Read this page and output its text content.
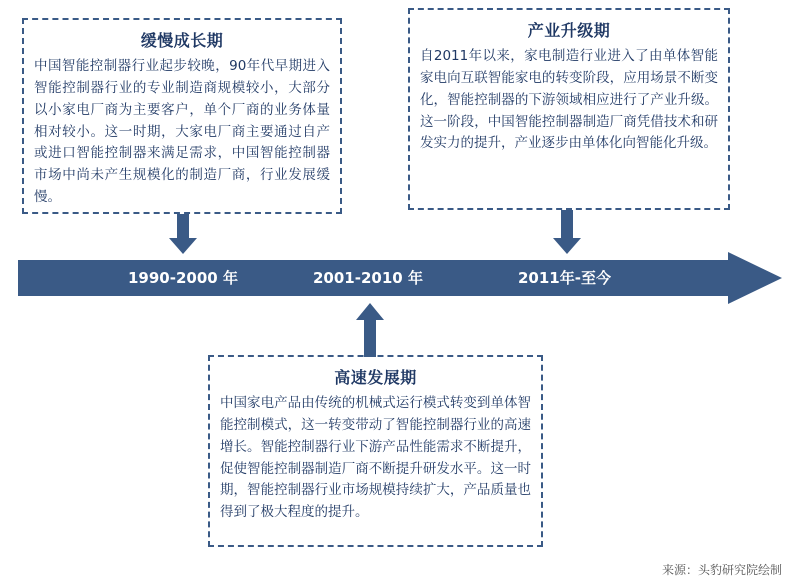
缓慢成长期
中国智能控制器行业起步较晚，90年代早期进入智能控制器行业的专业制造商规模较小，大部分以小家电厂商为主要客户，单个厂商的业务体量相对较小。这一时期，大家电厂商主要通过自产或进口智能控制器来满足需求，中国智能控制器市场中尚未产生规模化的制造厂商，行业发展缓慢。
产业升级期
自2011年以来，家电制造行业进入了由单体智能家电向互联智能家电的转变阶段，应用场景不断变化，智能控制器的下游领域相应进行了产业升级。这一阶段，中国智能控制器制造厂商凭借技术和研发实力的提升，产业逐步由单体化向智能化升级。
高速发展期
中国家电产品由传统的机械式运行模式转变到单体智能控制模式，这一转变带动了智能控制器行业的高速增长。智能控制器行业下游产品性能需求不断提升，促使智能控制器制造厂商不断提升研发水平。这一时期，智能控制器行业市场规模持续扩大，产品质量也得到了极大程度的提升。
1990-2000 年	2001-2010 年	2011年-至今
来源：头豹研究院绘制
